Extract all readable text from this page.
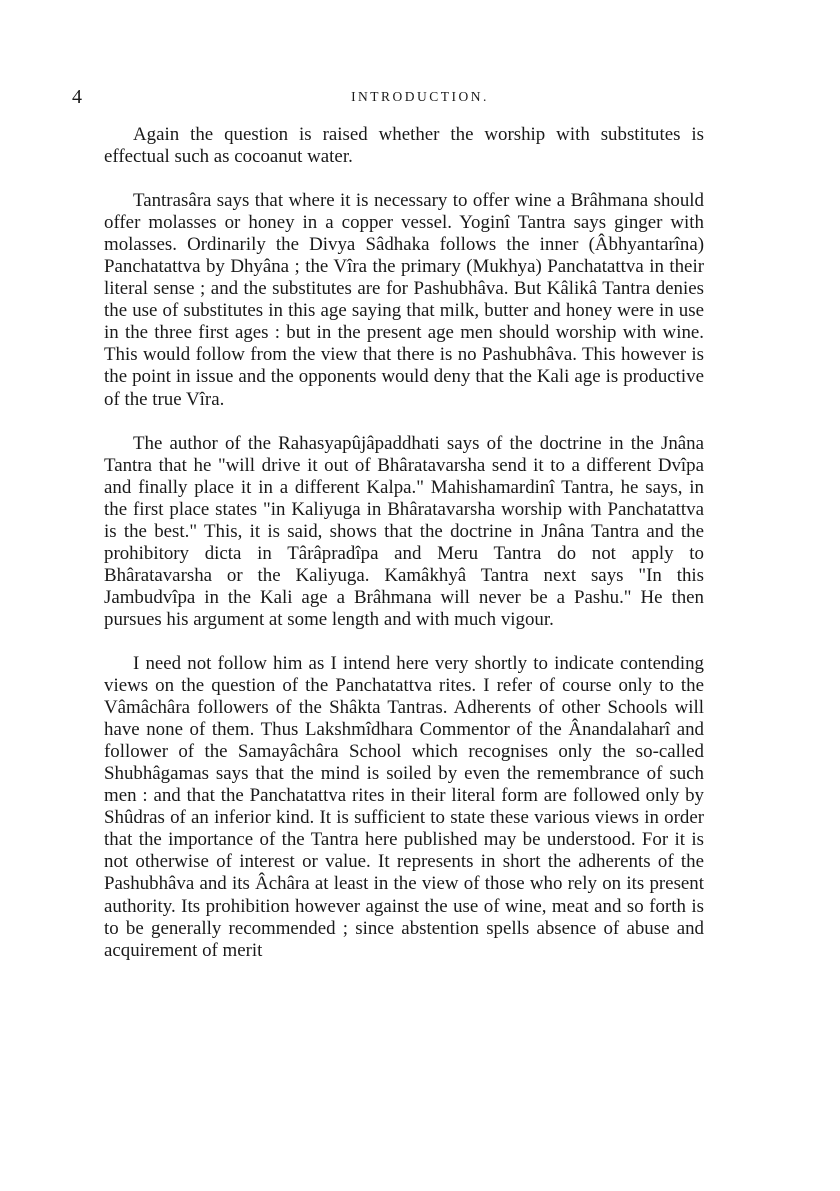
4	INTRODUCTION.

Again the question is raised whether the worship with substitutes is effectual such as cocoanut water.

Tantrasâra says that where it is necessary to offer wine a Brâhmana should offer molasses or honey in a copper vessel. Yoginî Tantra says ginger with molasses. Ordinarily the Divya Sâdhaka follows the inner (Âbhyantarîna) Panchatattva by Dhyâna ; the Vîra the primary (Mukhya) Panchatattva in their literal sense ; and the substitutes are for Pashubhâva. But Kâlikâ Tantra denies the use of substitutes in this age saying that milk, butter and honey were in use in the three first ages : but in the present age men should worship with wine. This would follow from the view that there is no Pashubhâva. This however is the point in issue and the opponents would deny that the Kali age is productive of the true Vîra.

The author of the Rahasyapûjâpaddhati says of the doctrine in the Jnâna Tantra that he "will drive it out of Bhâratavarsha send it to a different Dvîpa and finally place it in a different Kalpa." Mahishamardinî Tantra, he says, in the first place states "in Kaliyuga in Bhâratavarsha worship with Panchatattva is the best." This, it is said, shows that the doctrine in Jnâna Tantra and the prohibitory dicta in Târâpradîpa and Meru Tantra do not apply to Bhâratavarsha or the Kaliyuga. Kamâkhyâ Tantra next says "In this Jambudvîpa in the Kali age a Brâhmana will never be a Pashu." He then pursues his argument at some length and with much vigour.

I need not follow him as I intend here very shortly to indicate contending views on the question of the Panchatattva rites. I refer of course only to the Vâmâchâra followers of the Shâkta Tantras. Adherents of other Schools will have none of them. Thus Lakshmîdhara Commentor of the Ânandalaharî and follower of the Samayâchâra School which recognises only the so-called Shubhâgamas says that the mind is soiled by even the remembrance of such men : and that the Panchatattva rites in their literal form are followed only by Shûdras of an inferior kind. It is sufficient to state these various views in order that the importance of the Tantra here published may be understood. For it is not otherwise of interest or value. It represents in short the adherents of the Pashubhâva and its Âchâra at least in the view of those who rely on its present authority. Its prohibition however against the use of wine, meat and so forth is to be generally recommended ; since abstention spells absence of abuse and acquirement of merit
